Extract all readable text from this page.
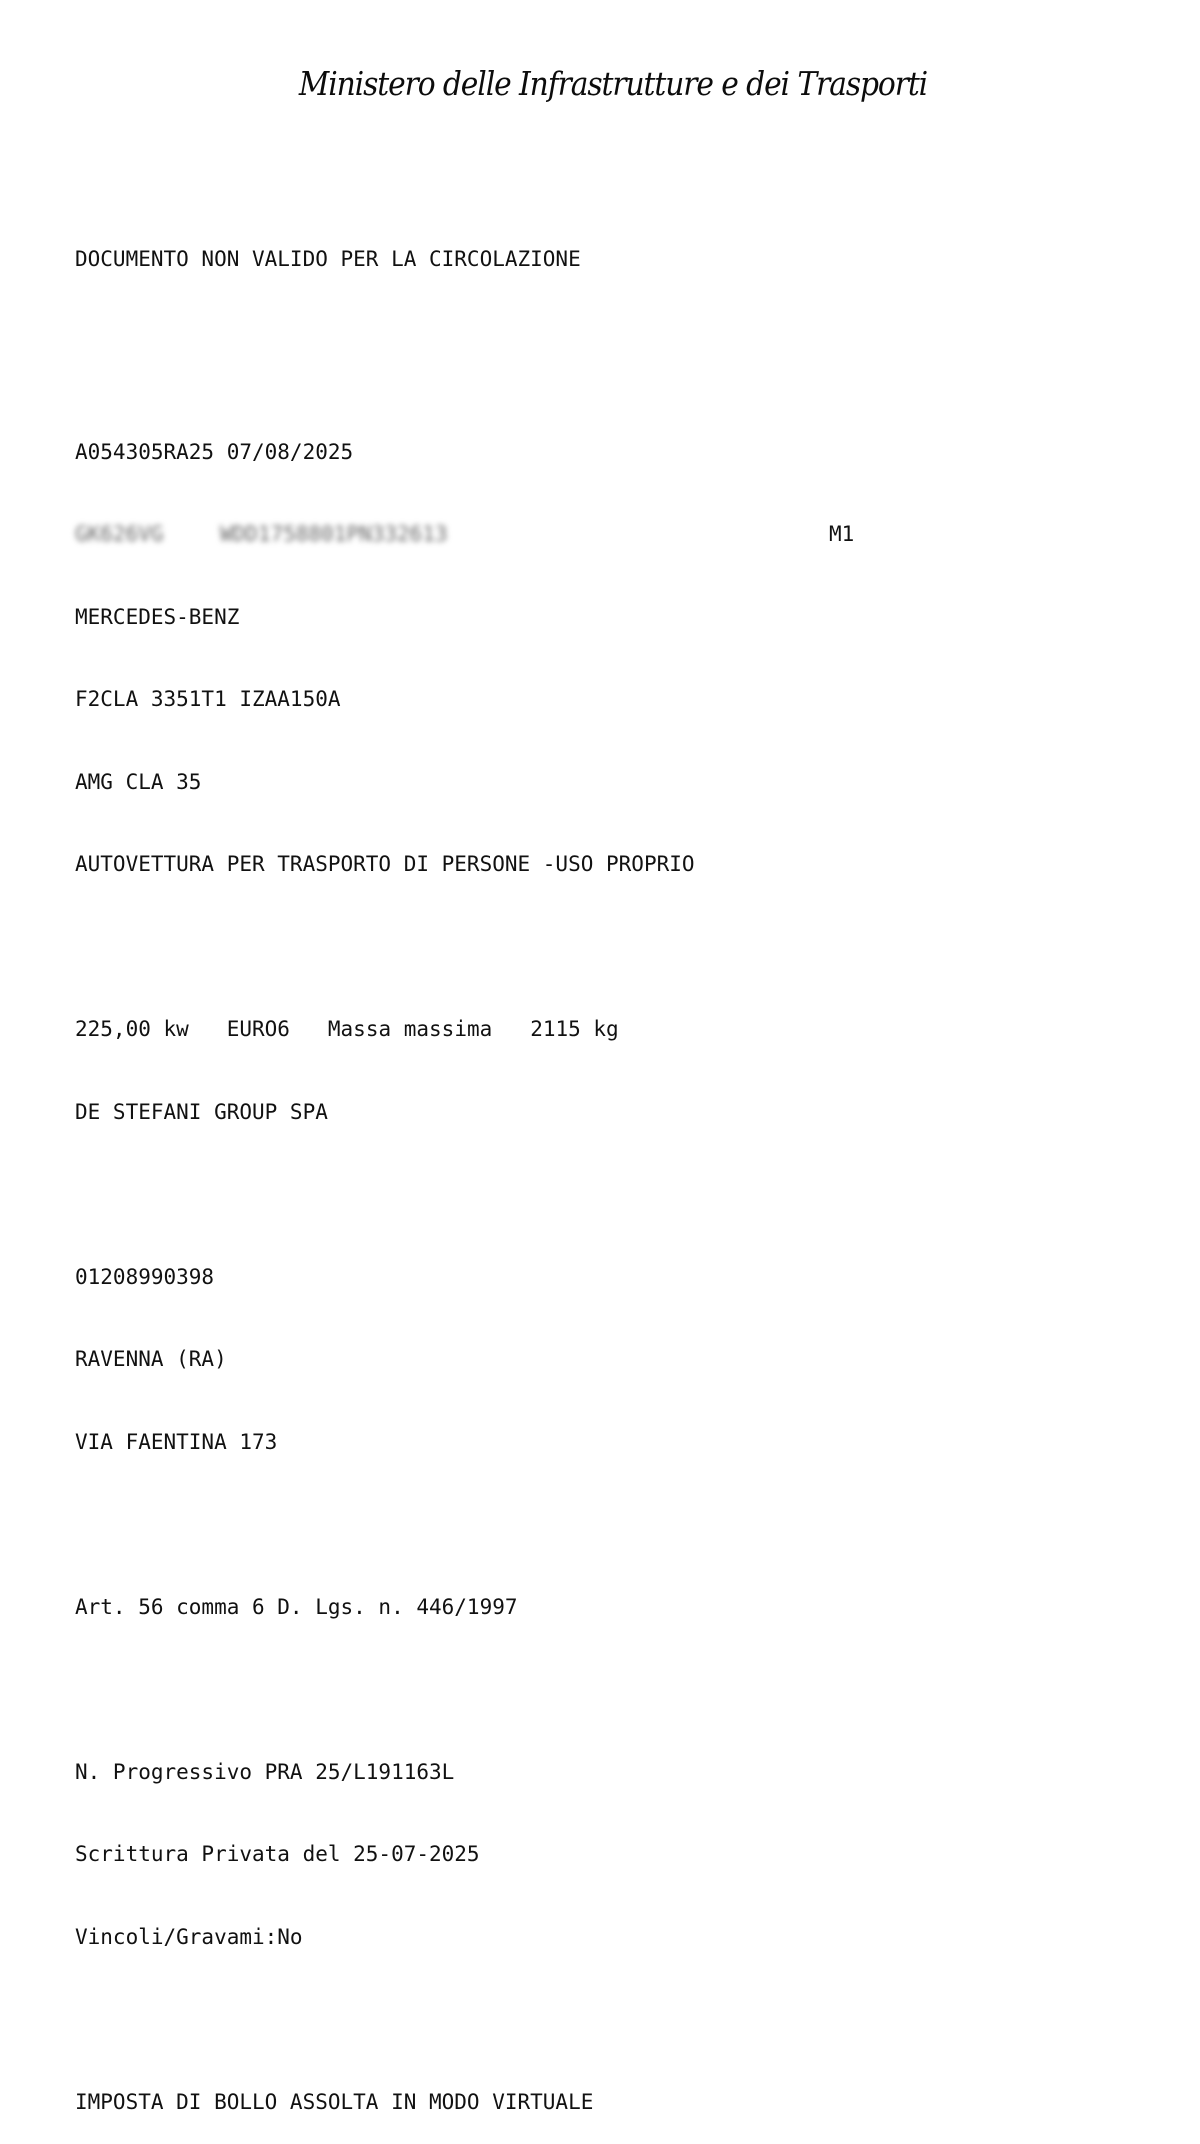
Ministero delle Infrastrutture e dei Trasporti

DOCUMENTO NON VALIDO PER LA CIRCOLAZIONE

A054305RA25 07/08/2025

GK626VG

	WDD1758801PN332613

	M1

MERCEDES-BENZ

F2CLA 3351T1 IZAA150A

AMG CLA 35

AUTOVETTURA PER TRASPORTO DI PERSONE -USO PROPRIO

225,00 kw EURO6 Massa massima 2115 kg

DE STEFANI GROUP SPA

01208990398

RAVENNA (RA)

VIA FAENTINA 173

Art. 56 comma 6 D. Lgs. n. 446/1997

N. Progressivo PRA 25/L191163L

Scrittura Privata del 25-07-2025

Vincoli/Gravami:No

IMPOSTA DI BOLLO ASSOLTA IN MODO VIRTUALE
